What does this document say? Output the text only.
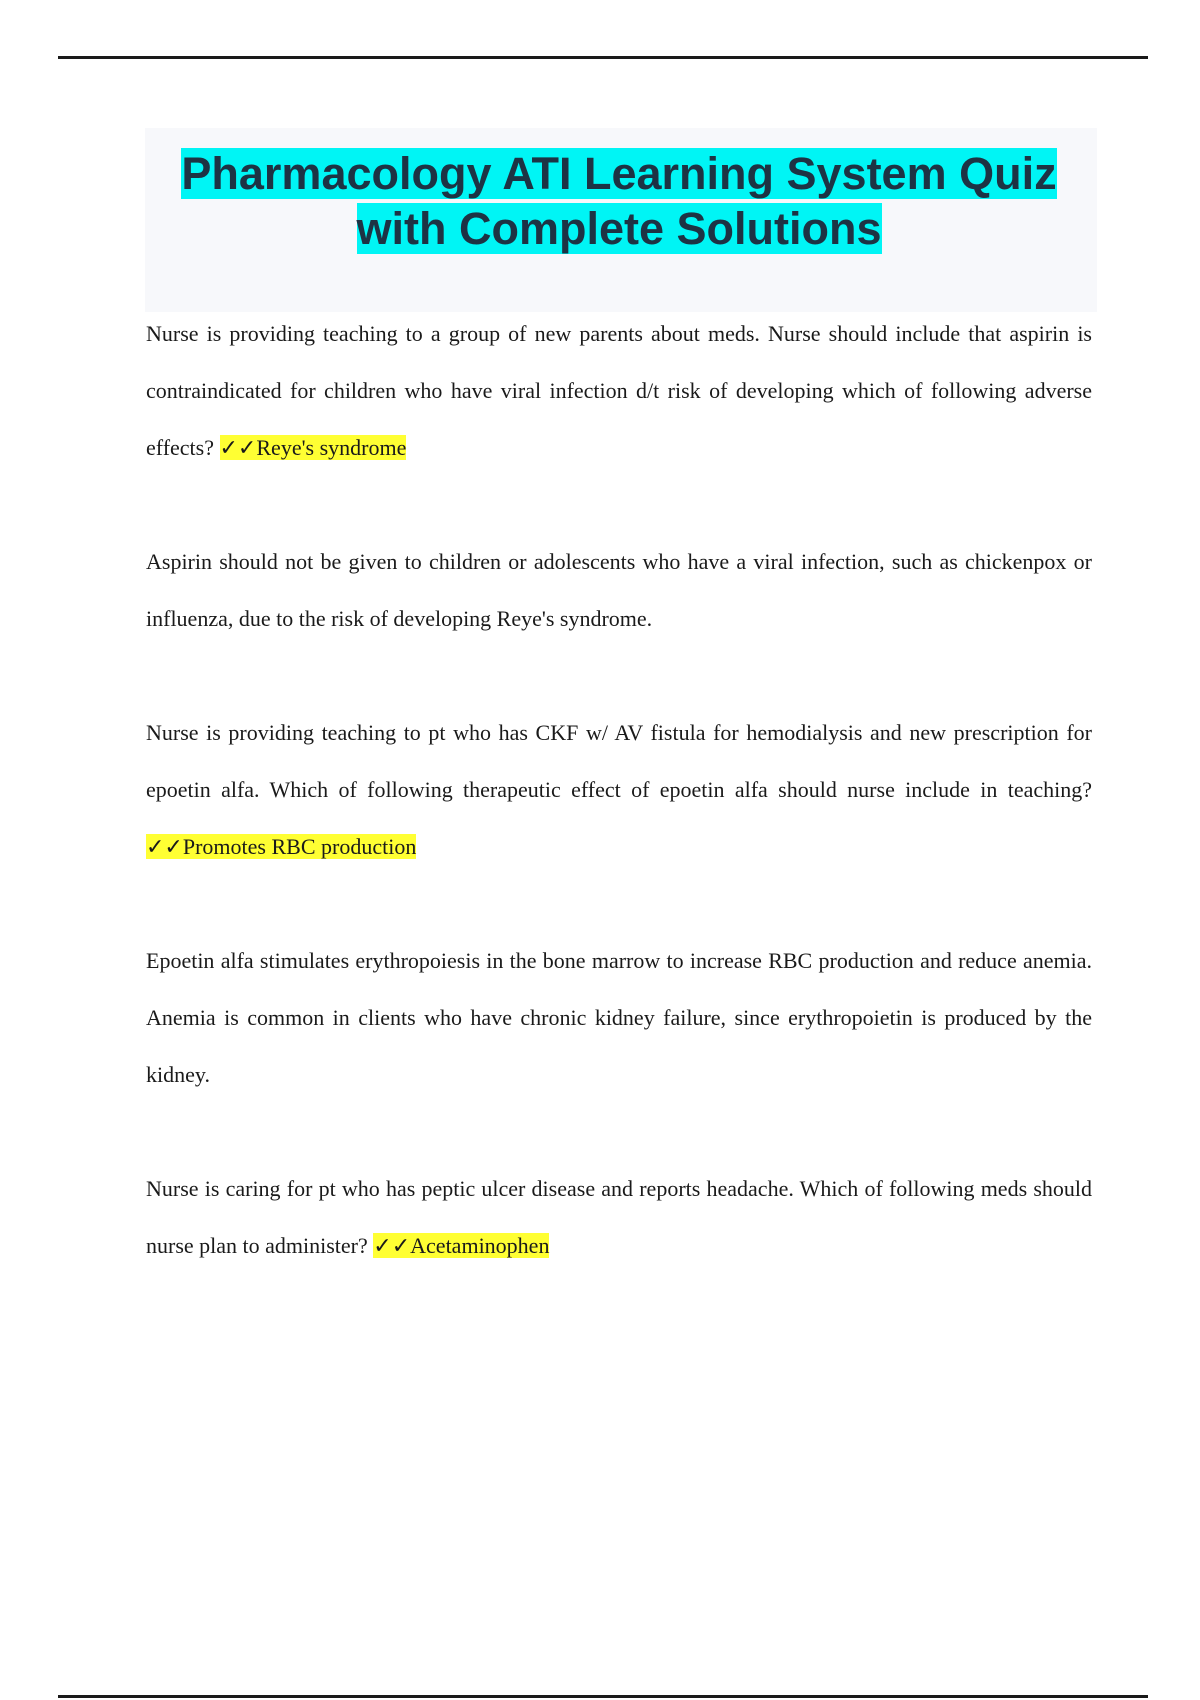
Pharmacology ATI Learning System Quiz
with Complete Solutions

Nurse is providing teaching to a group of new parents about meds. Nurse should include that aspirin is contraindicated for children who have viral infection d/t risk of developing which of following adverse effects? ✓✓Reye's syndrome

Aspirin should not be given to children or adolescents who have a viral infection, such as chickenpox or influenza, due to the risk of developing Reye's syndrome.

Nurse is providing teaching to pt who has CKF w/ AV fistula for hemodialysis and new prescription for epoetin alfa. Which of following therapeutic effect of epoetin alfa should nurse include in teaching? ✓✓Promotes RBC production

Epoetin alfa stimulates erythropoiesis in the bone marrow to increase RBC production and reduce anemia. Anemia is common in clients who have chronic kidney failure, since erythropoietin is produced by the kidney.

Nurse is caring for pt who has peptic ulcer disease and reports headache. Which of following meds should nurse plan to administer? ✓✓Acetaminophen
